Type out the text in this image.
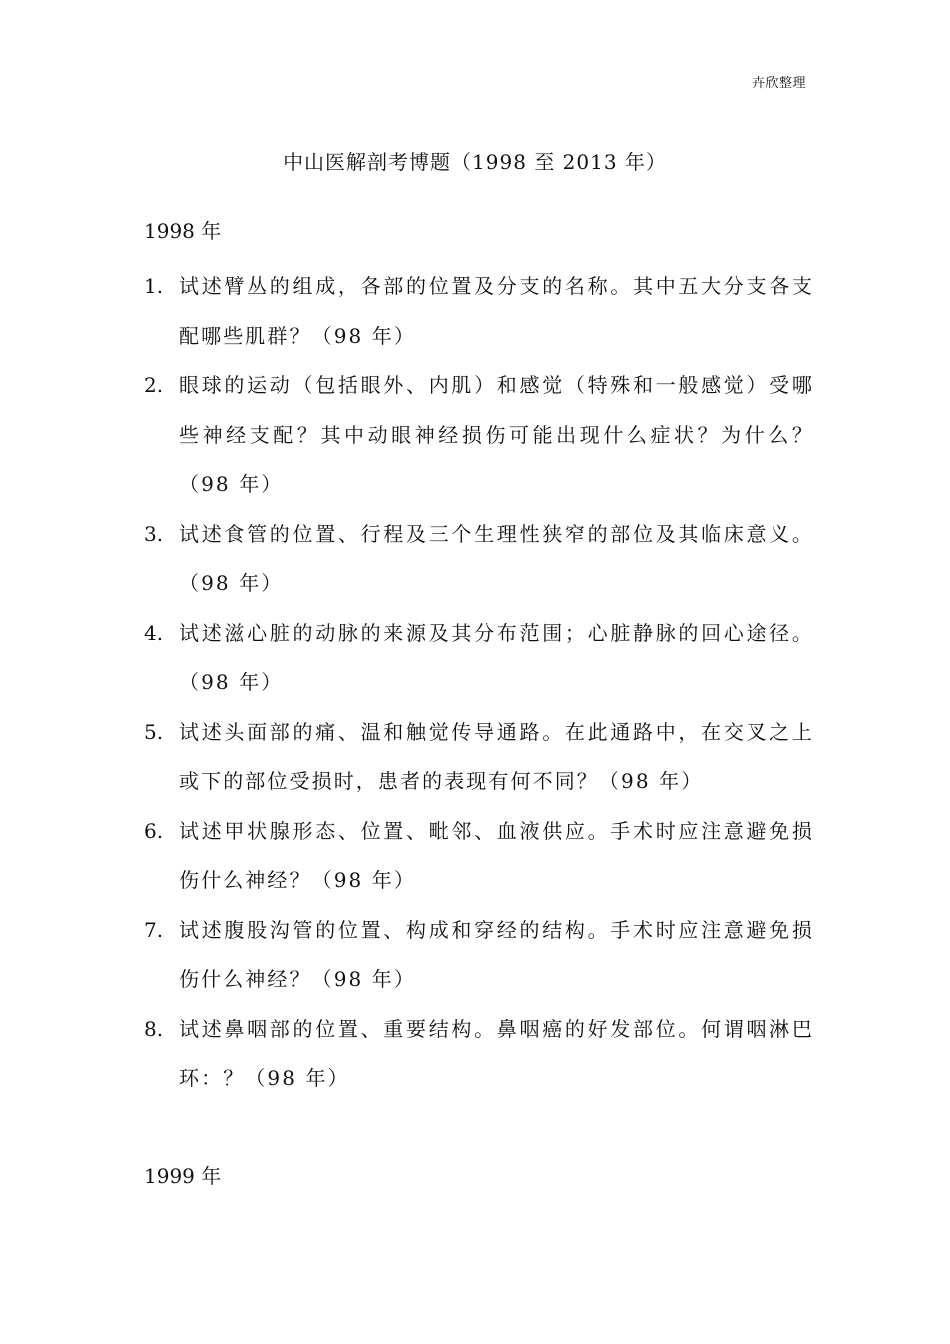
卉欣整理
中山医解剖考博题（1998 至 2013 年）
1998 年
1. 试述臂丛的组成，各部的位置及分支的名称。其中五大分支各支配哪些肌群？（98 年）
2. 眼球的运动（包括眼外、内肌）和感觉（特殊和一般感觉）受哪些神经支配？其中动眼神经损伤可能出现什么症状？为什么？（98 年）
3. 试述食管的位置、行程及三个生理性狭窄的部位及其临床意义。（98 年）
4. 试述滋心脏的动脉的来源及其分布范围；心脏静脉的回心途径。（98 年）
5. 试述头面部的痛、温和触觉传导通路。在此通路中，在交叉之上或下的部位受损时，患者的表现有何不同？（98 年）
6. 试述甲状腺形态、位置、毗邻、血液供应。手术时应注意避免损伤什么神经？（98 年）
7. 试述腹股沟管的位置、构成和穿经的结构。手术时应注意避免损伤什么神经？（98 年）
8. 试述鼻咽部的位置、重要结构。鼻咽癌的好发部位。何谓咽淋巴环：？（98 年）
1999 年
